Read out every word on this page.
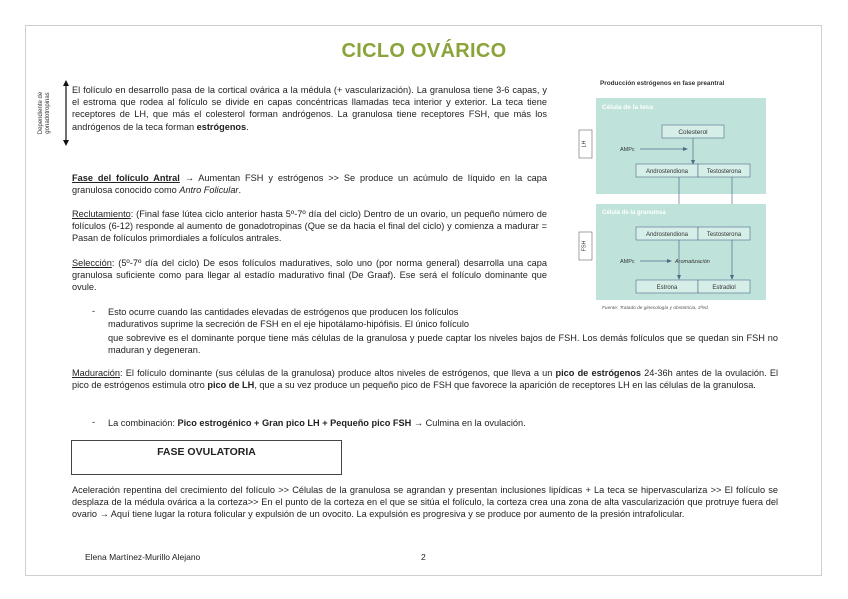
CICLO OVÁRICO
Dependiente de gonadotropinas
El folículo en desarrollo pasa de la cortical ovárica a la médula (+ vascularización). La granulosa tiene 3-6 capas, y el estroma que rodea al folículo se divide en capas concéntricas llamadas teca interior y exterior. La teca tiene receptores de LH, que más el colesterol forman andrógenos. La granulosa tiene receptores FSH, que más los andrógenos de la teca forman estrógenos.
Fase del folículo Antral → Aumentan FSH y estrógenos >> Se produce un acúmulo de líquido en la capa granulosa conocido como Antro Folicular.
Reclutamiento: (Final fase lútea ciclo anterior hasta 5º-7º día del ciclo) Dentro de un ovario, un pequeño número de folículos (6-12) responde al aumento de gonadotropinas (Que se da hacia el final del ciclo) y comienza a madurar = Pasan de folículos primordiales a folículos antrales.
Selección: (5º-7º día del ciclo) De esos folículos maduratives, solo uno (por norma general) desarrolla una capa granulosa suficiente como para llegar al estadío madurativo final (De Graaf). Ese será el folículo dominante que ovule.
- Esto ocurre cuando las cantidades elevadas de estrógenos que producen los folículos
madurativos suprime la secreción de FSH en el eje hipotálamo-hipófisis. El único folículo
que sobrevive es el dominante porque tiene más células de la granulosa y puede captar los niveles bajos de FSH. Los demás folículos que se quedan sin FSH no maduran y degeneran.
Maduración: El folículo dominante (sus células de la granulosa) produce altos niveles de estrógenos, que lleva a un pico de estrógenos 24-36h antes de la ovulación. El pico de estrógenos estimula otro pico de LH, que a su vez produce un pequeño pico de FSH que favorece la aparición de receptores LH en las células de la granulosa.
- La combinación: Pico estrogénico + Gran pico LH + Pequeño pico FSH → Culmina en la ovulación.
FASE OVULATORIA
Aceleración repentina del crecimiento del folículo >> Células de la granulosa se agrandan y presentan inclusiones lipídicas + La teca se hipervasculariza >> El folículo se desplaza de la médula ovárica a la corteza>> En el punto de la corteza en el que se sitúa el folículo, la corteza crea una zona de alta vascularización que protruye fuera del ovario → Aquí tiene lugar la rotura folicular y expulsión de un ovocito. La expulsión es progresiva y se produce por aumento de la presión intrafolicular.
Elena Martínez-Murillo Alejano	2
Producción estrógenos en fase preantral
Célula de la teca
LH
Colesterol
AMPc
Androstendiona	Testosterona
Célula de la granulosa
FSH
Androstendiona	Testosterona
AMPc	Aromatización
Estrona	Estradiol
Fuente: Tratado de ginecología y obstetricia, 3ªed.
